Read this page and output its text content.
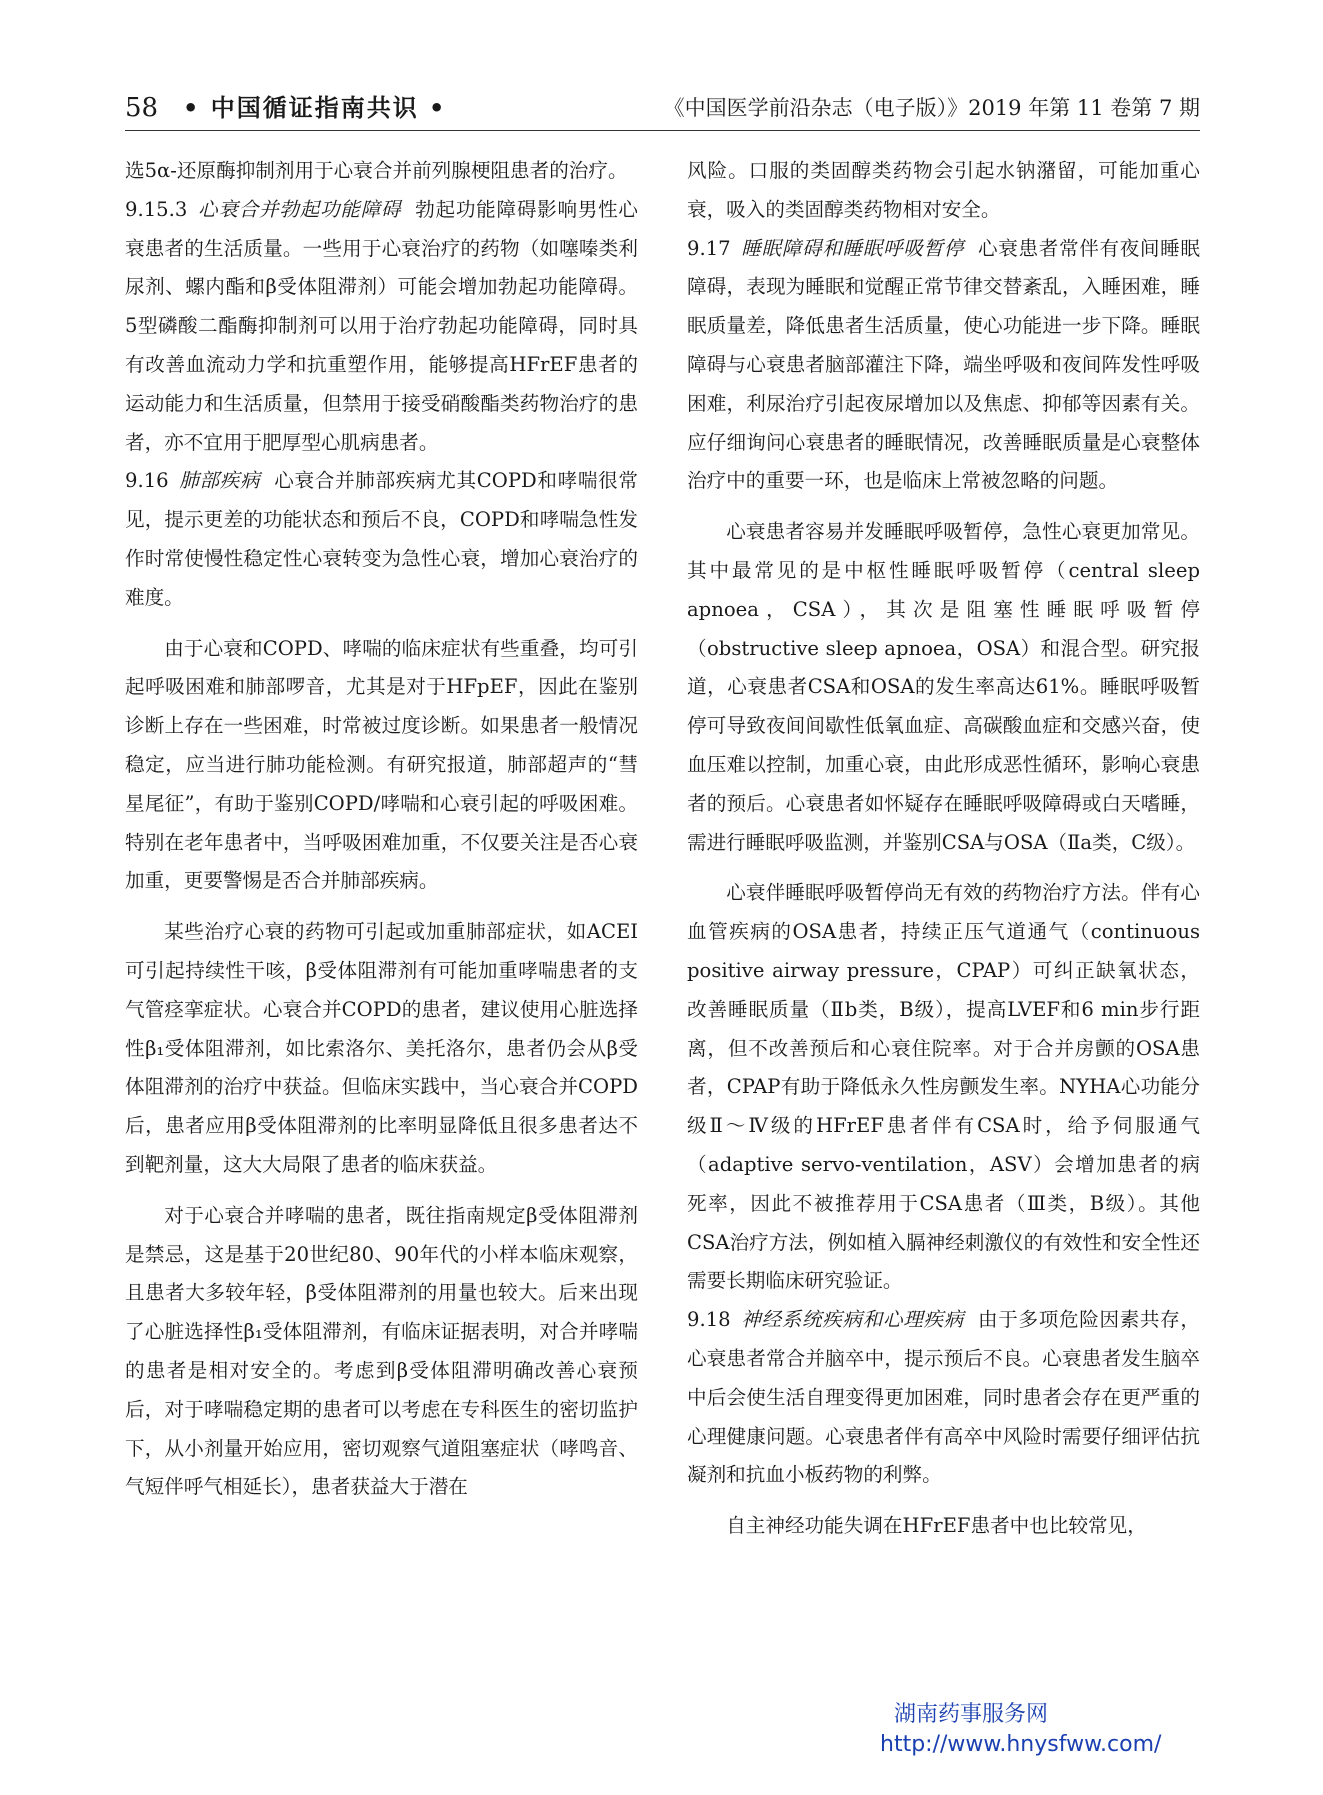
58 • 中国循证指南共识 •	《中国医学前沿杂志（电子版）》2019 年第 11 卷第 7 期

选5α-还原酶抑制剂用于心衰合并前列腺梗阻患者的治疗。

9.15.3 心衰合并勃起功能障碍 勃起功能障碍影响男性心衰患者的生活质量。一些用于心衰治疗的药物（如噻嗪类利尿剂、螺内酯和β受体阻滞剂）可能会增加勃起功能障碍。5型磷酸二酯酶抑制剂可以用于治疗勃起功能障碍，同时具有改善血流动力学和抗重塑作用，能够提高HFrEF患者的运动能力和生活质量，但禁用于接受硝酸酯类药物治疗的患者，亦不宜用于肥厚型心肌病患者。

9.16 肺部疾病 心衰合并肺部疾病尤其COPD和哮喘很常见，提示更差的功能状态和预后不良，COPD和哮喘急性发作时常使慢性稳定性心衰转变为急性心衰，增加心衰治疗的难度。

由于心衰和COPD、哮喘的临床症状有些重叠，均可引起呼吸困难和肺部啰音，尤其是对于HFpEF，因此在鉴别诊断上存在一些困难，时常被过度诊断。如果患者一般情况稳定，应当进行肺功能检测。有研究报道，肺部超声的“彗星尾征”，有助于鉴别COPD/哮喘和心衰引起的呼吸困难。特别在老年患者中，当呼吸困难加重，不仅要关注是否心衰加重，更要警惕是否合并肺部疾病。

某些治疗心衰的药物可引起或加重肺部症状，如ACEI可引起持续性干咳，β受体阻滞剂有可能加重哮喘患者的支气管痉挛症状。心衰合并COPD的患者，建议使用心脏选择性β₁受体阻滞剂，如比索洛尔、美托洛尔，患者仍会从β受体阻滞剂的治疗中获益。但临床实践中，当心衰合并COPD后，患者应用β受体阻滞剂的比率明显降低且很多患者达不到靶剂量，这大大局限了患者的临床获益。

对于心衰合并哮喘的患者，既往指南规定β受体阻滞剂是禁忌，这是基于20世纪80、90年代的小样本临床观察，且患者大多较年轻，β受体阻滞剂的用量也较大。后来出现了心脏选择性β₁受体阻滞剂，有临床证据表明，对合并哮喘的患者是相对安全的。考虑到β受体阻滞明确改善心衰预后，对于哮喘稳定期的患者可以考虑在专科医生的密切监护下，从小剂量开始应用，密切观察气道阻塞症状（哮鸣音、气短伴呼气相延长），患者获益大于潜在

风险。口服的类固醇类药物会引起水钠潴留，可能加重心衰，吸入的类固醇类药物相对安全。

9.17 睡眠障碍和睡眠呼吸暂停 心衰患者常伴有夜间睡眠障碍，表现为睡眠和觉醒正常节律交替紊乱，入睡困难，睡眠质量差，降低患者生活质量，使心功能进一步下降。睡眠障碍与心衰患者脑部灌注下降，端坐呼吸和夜间阵发性呼吸困难，利尿治疗引起夜尿增加以及焦虑、抑郁等因素有关。应仔细询问心衰患者的睡眠情况，改善睡眠质量是心衰整体治疗中的重要一环，也是临床上常被忽略的问题。

心衰患者容易并发睡眠呼吸暂停，急性心衰更加常见。其中最常见的是中枢性睡眠呼吸暂停（central sleep apnoea，CSA），其次是阻塞性睡眠呼吸暂停（obstructive sleep apnoea，OSA）和混合型。研究报道，心衰患者CSA和OSA的发生率高达61%。睡眠呼吸暂停可导致夜间间歇性低氧血症、高碳酸血症和交感兴奋，使血压难以控制，加重心衰，由此形成恶性循环，影响心衰患者的预后。心衰患者如怀疑存在睡眠呼吸障碍或白天嗜睡，需进行睡眠呼吸监测，并鉴别CSA与OSA（Ⅱa类，C级）。

心衰伴睡眠呼吸暂停尚无有效的药物治疗方法。伴有心血管疾病的OSA患者，持续正压气道通气（continuous positive airway pressure，CPAP）可纠正缺氧状态，改善睡眠质量（Ⅱb类，B级），提高LVEF和6 min步行距离，但不改善预后和心衰住院率。对于合并房颤的OSA患者，CPAP有助于降低永久性房颤发生率。NYHA心功能分级Ⅱ～Ⅳ级的HFrEF患者伴有CSA时，给予伺服通气（adaptive servo-ventilation，ASV）会增加患者的病死率，因此不被推荐用于CSA患者（Ⅲ类，B级）。其他CSA治疗方法，例如植入膈神经刺激仪的有效性和安全性还需要长期临床研究验证。

9.18 神经系统疾病和心理疾病 由于多项危险因素共存，心衰患者常合并脑卒中，提示预后不良。心衰患者发生脑卒中后会使生活自理变得更加困难，同时患者会存在更严重的心理健康问题。心衰患者伴有高卒中风险时需要仔细评估抗凝剂和抗血小板药物的利弊。

自主神经功能失调在HFrEF患者中也比较常见，

湖南药事服务网
http://www.hnysfww.com/
